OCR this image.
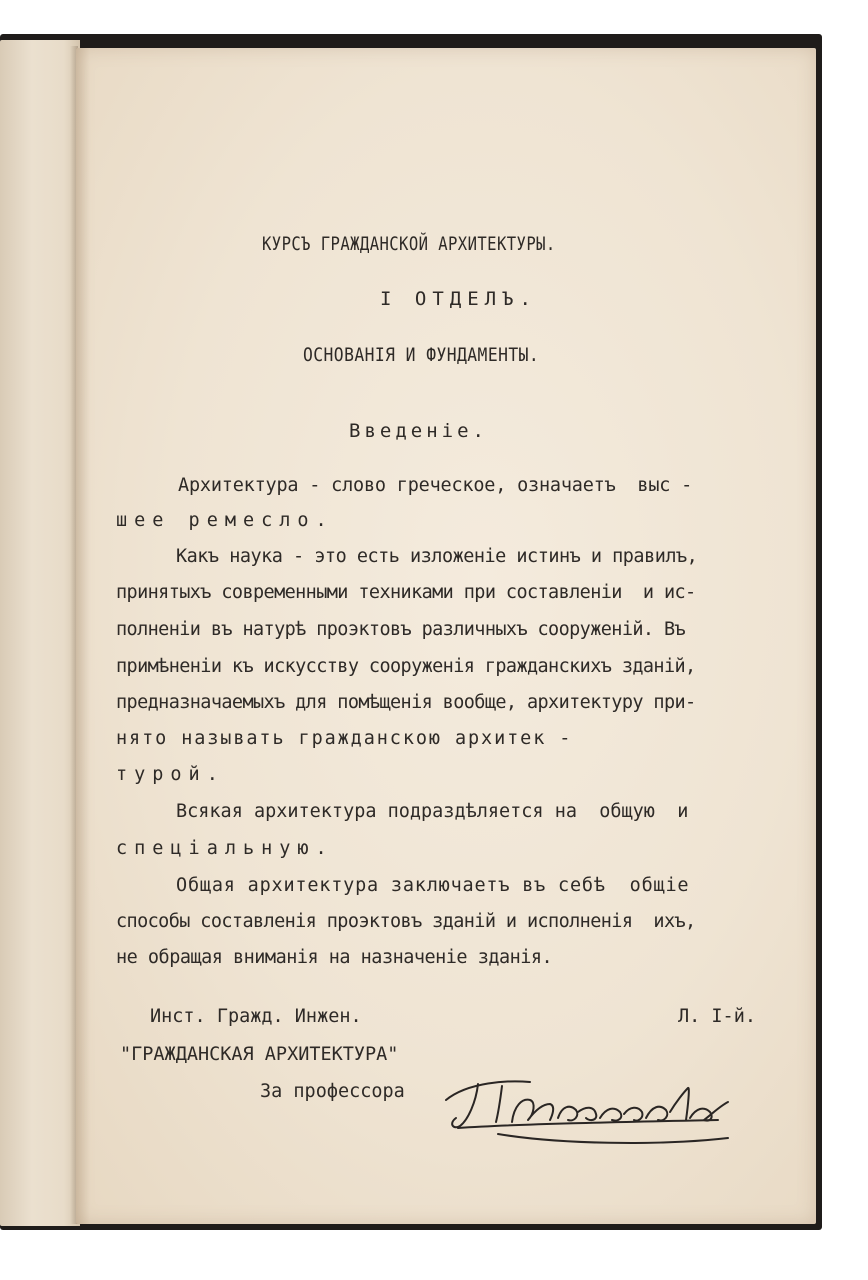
КУРСЪ ГРАЖДАНСКОЙ АРХИТЕКТУРЫ.
I ОТДЕЛЪ.
ОСНОВАНIЯ И ФУНДАМЕНТЫ.
Введенiе.
Архитектура - слово греческое, означаетъ  выс -
шее ремесло.
Какъ наука - это есть изложенiе истинъ и правилъ,
принятыхъ современными техниками при составленiи  и ис-
полненiи въ натурѣ проэктовъ различныхъ сооруженiй. Въ
примѣненiи къ искусству сооруженiя гражданскихъ зданiй,
предназначаемыхъ для помѣщенiя вообще, архитектуру при-
нято называть гражданскою архитек -
турой.
Всякая архитектура подраздѣляется на  общую  и
спецiальную.
Общая архитектура заключаетъ въ себѣ  общiе
способы составленiя проэктовъ зданiй и исполненiя  ихъ,
не обращая вниманiя на назначенiе зданiя.
Инст. Гражд. Инжен.	Л. I-й.
"ГРАЖДАНСКАЯ АРХИТЕКТУРА"
За профессора
